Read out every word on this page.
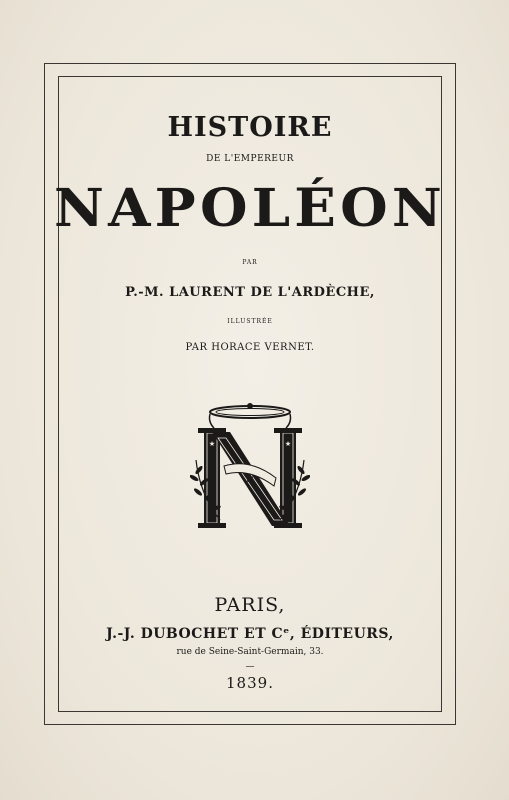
HISTOIRE
DE L'EMPEREUR
NAPOLÉON
PAR
P.-M. LAURENT DE L'ARDÈCHE,
ILLUSTRÉE
PAR HORACE VERNET.
★	★
N
PARIS,
J.-J. DUBOCHET ET Cᵉ, ÉDITEURS,
rue de Seine-Saint-Germain, 33.
—
1839.
